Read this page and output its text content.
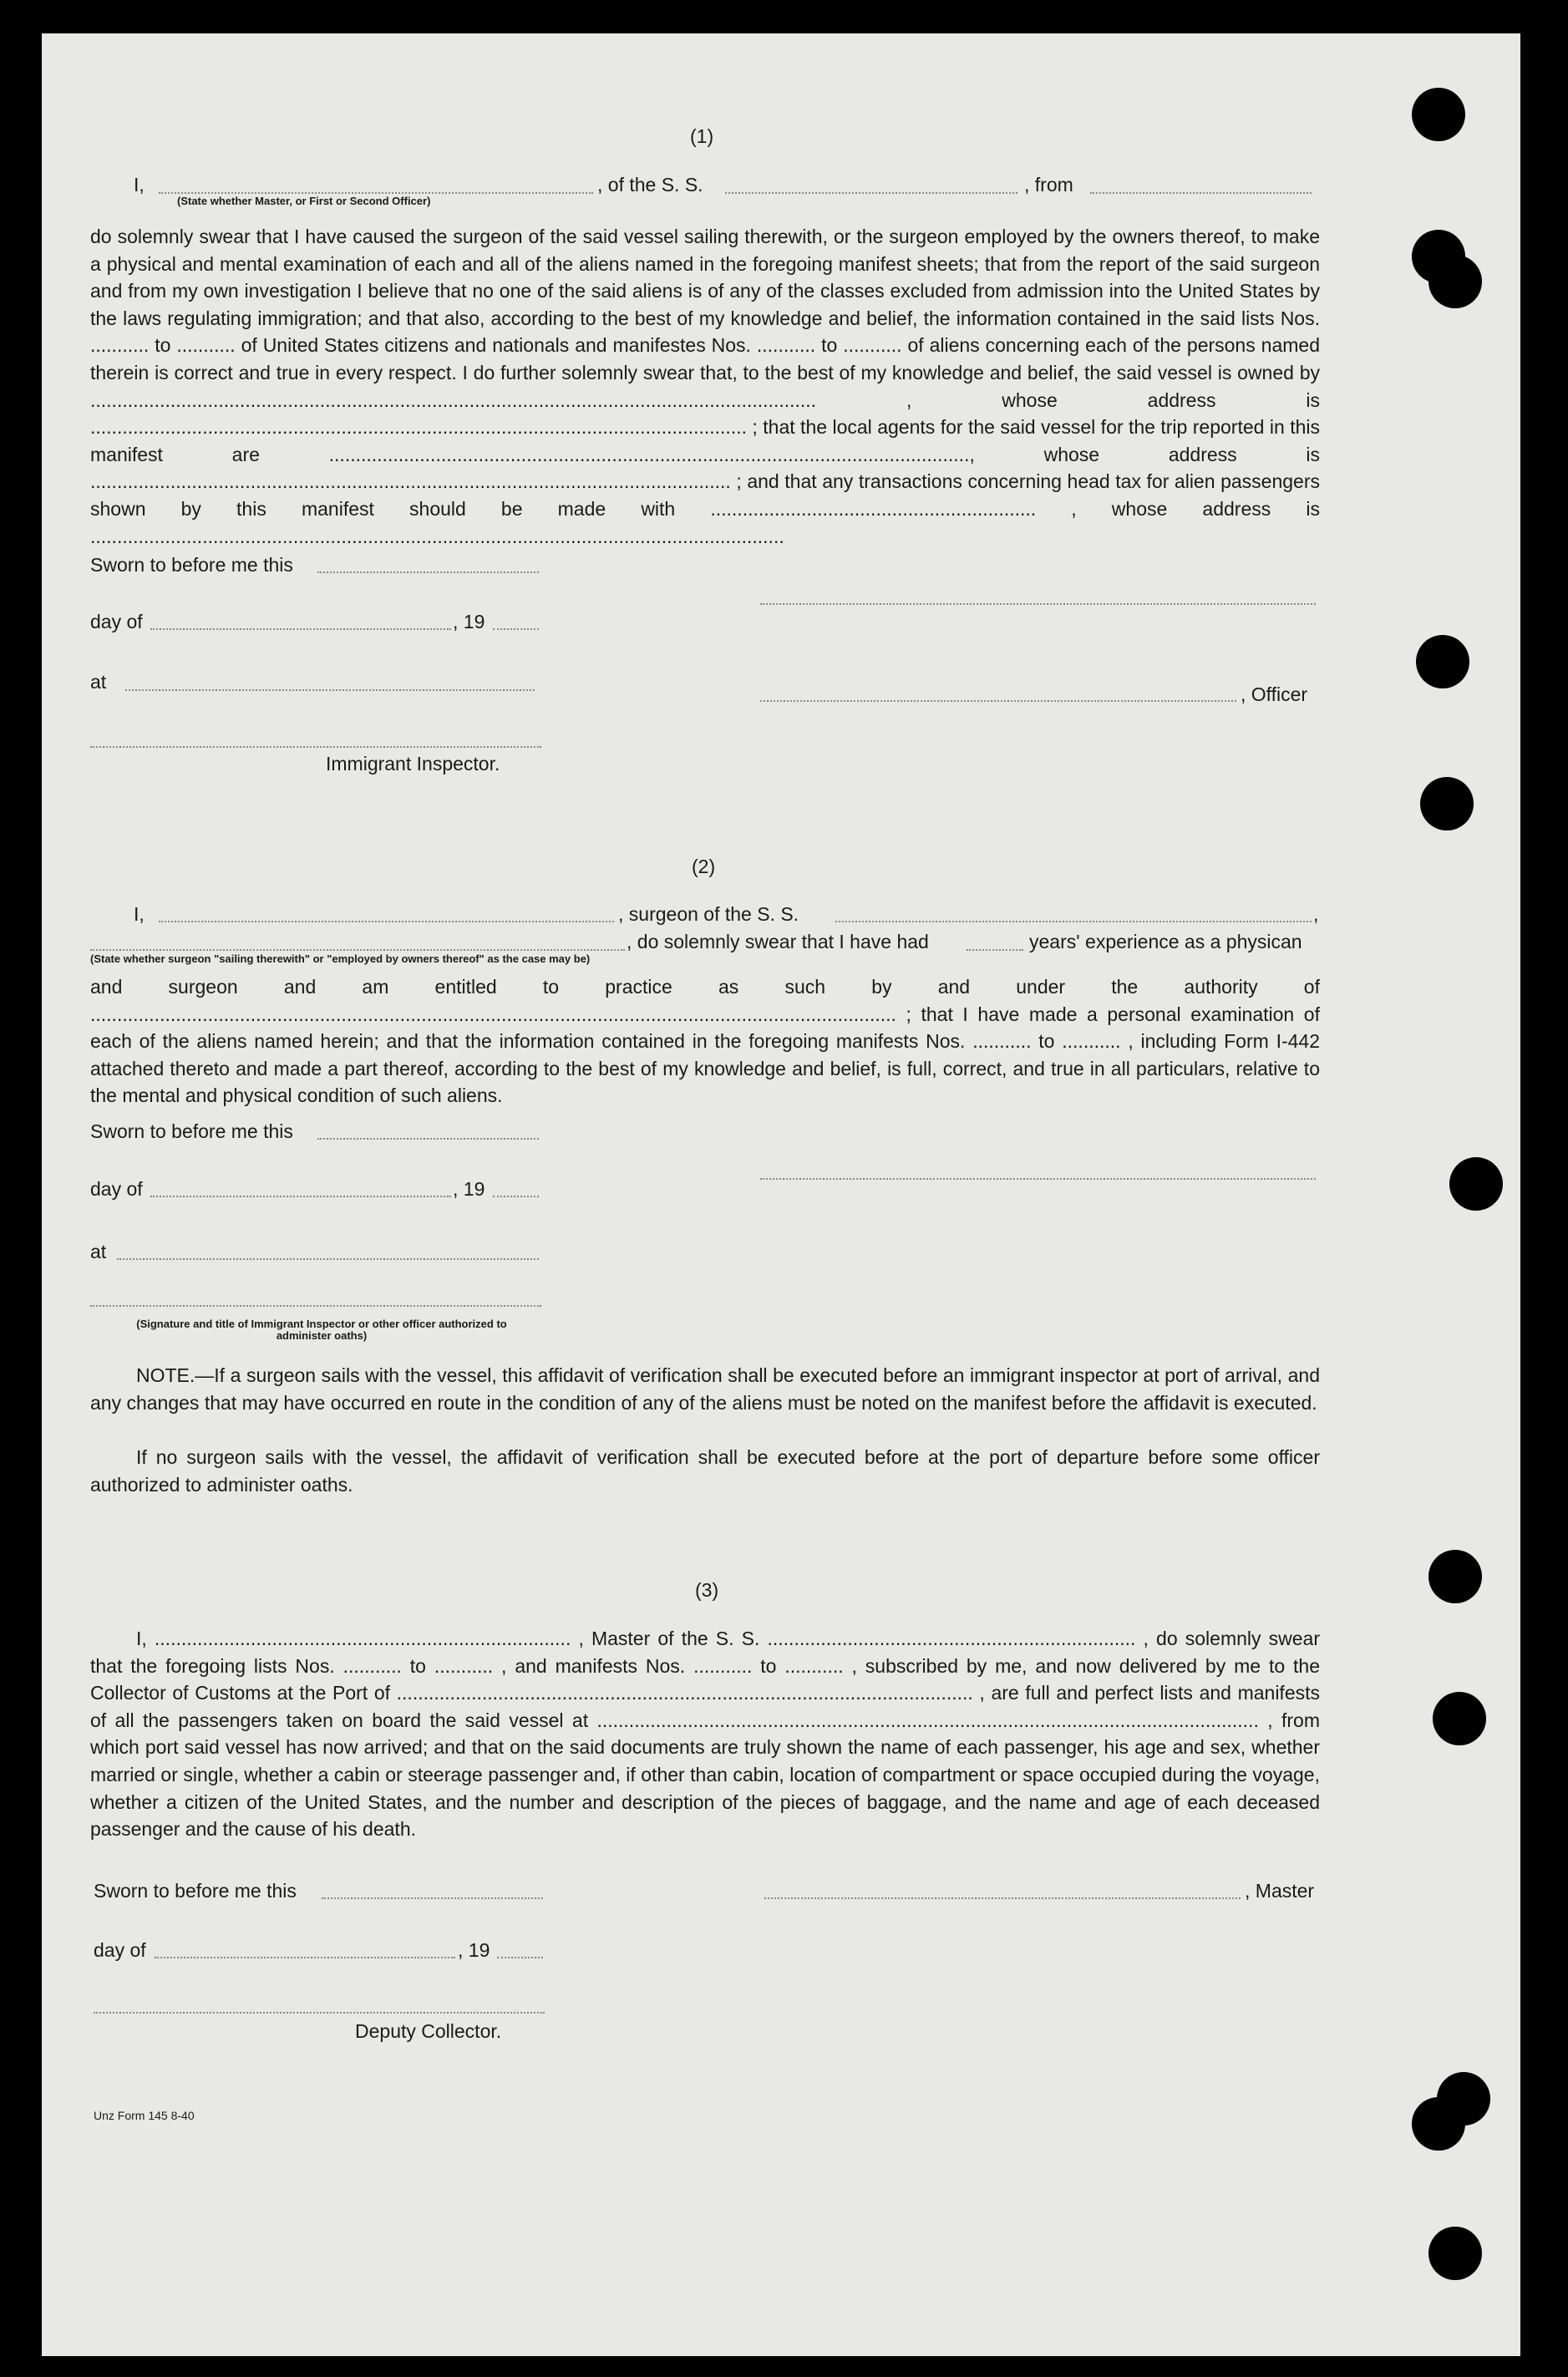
(1)
I,	, of the S. S.	, from
(State whether Master, or First or Second Officer)

do solemnly swear that I have caused the surgeon of the said vessel sailing therewith, or the surgeon employed by the owners thereof, to make a physical and mental examination of each and all of the aliens named in the foregoing manifest sheets; that from the report of the said surgeon and from my own investigation I believe that no one of the said aliens is of any of the classes excluded from admission into the United States by the laws regulating immigration; and that also, according to the best of my knowledge and belief, the information contained in the said lists Nos. ........... to ........... of United States citizens and nationals and manifestes Nos. ........... to ........... of aliens concerning each of the persons named therein is correct and true in every respect. I do further solemnly swear that, to the best of my knowledge and belief, the said vessel is owned by ........................................................................................................................................ , whose address is ........................................................................................................................... ; that the local agents for the said vessel for the trip reported in this manifest are ........................................................................................................................, whose address is ........................................................................................................................ ; and that any transactions concerning head tax for alien passengers shown by this manifest should be made with ............................................................. , whose address is ..................................................................................................................................

Sworn to before me this
day of	, 19
at
, Officer
Immigrant Inspector.
(2)
I,	, surgeon of the S. S.	,
, do solemnly swear that I have had	years' experience as a physican
(State whether surgeon "sailing therewith" or "employed by owners thereof" as the case may be)

and surgeon and am entitled to practice as such by and under the authority of ....................................................................................................................................................... ; that I have made a personal examination of each of the aliens named herein; and that the information contained in the foregoing manifests Nos. ........... to ........... , including Form I-442 attached thereto and made a part thereof, according to the best of my knowledge and belief, is full, correct, and true in all particulars, relative to the mental and physical condition of such aliens.

Sworn to before me this
day of	, 19
at
(Signature and title of Immigrant Inspector or other officer authorized to administer oaths)

NOTE.—If a surgeon sails with the vessel, this affidavit of verification shall be executed before an immigrant inspector at port of arrival, and any changes that may have occurred en route in the condition of any of the aliens must be noted on the manifest before the affidavit is executed.

If no surgeon sails with the vessel, the affidavit of verification shall be executed before at the port of departure before some officer authorized to administer oaths.

(3)

I, .............................................................................. , Master of the S. S. ..................................................................... , do solemnly swear that the foregoing lists Nos. ........... to ........... , and manifests Nos. ........... to ........... , subscribed by me, and now delivered by me to the Collector of Customs at the Port of ............................................................................................................ , are full and perfect lists and manifests of all the passengers taken on board the said vessel at ............................................................................................................................ , from which port said vessel has now arrived; and that on the said documents are truly shown the name of each passenger, his age and sex, whether married or single, whether a cabin or steerage passenger and, if other than cabin, location of compartment or space occupied during the voyage, whether a citizen of the United States, and the number and description of the pieces of baggage, and the name and age of each deceased passenger and the cause of his death.

Sworn to before me this	, Master
day of	, 19
Deputy Collector.
Unz Form 145 8-40
